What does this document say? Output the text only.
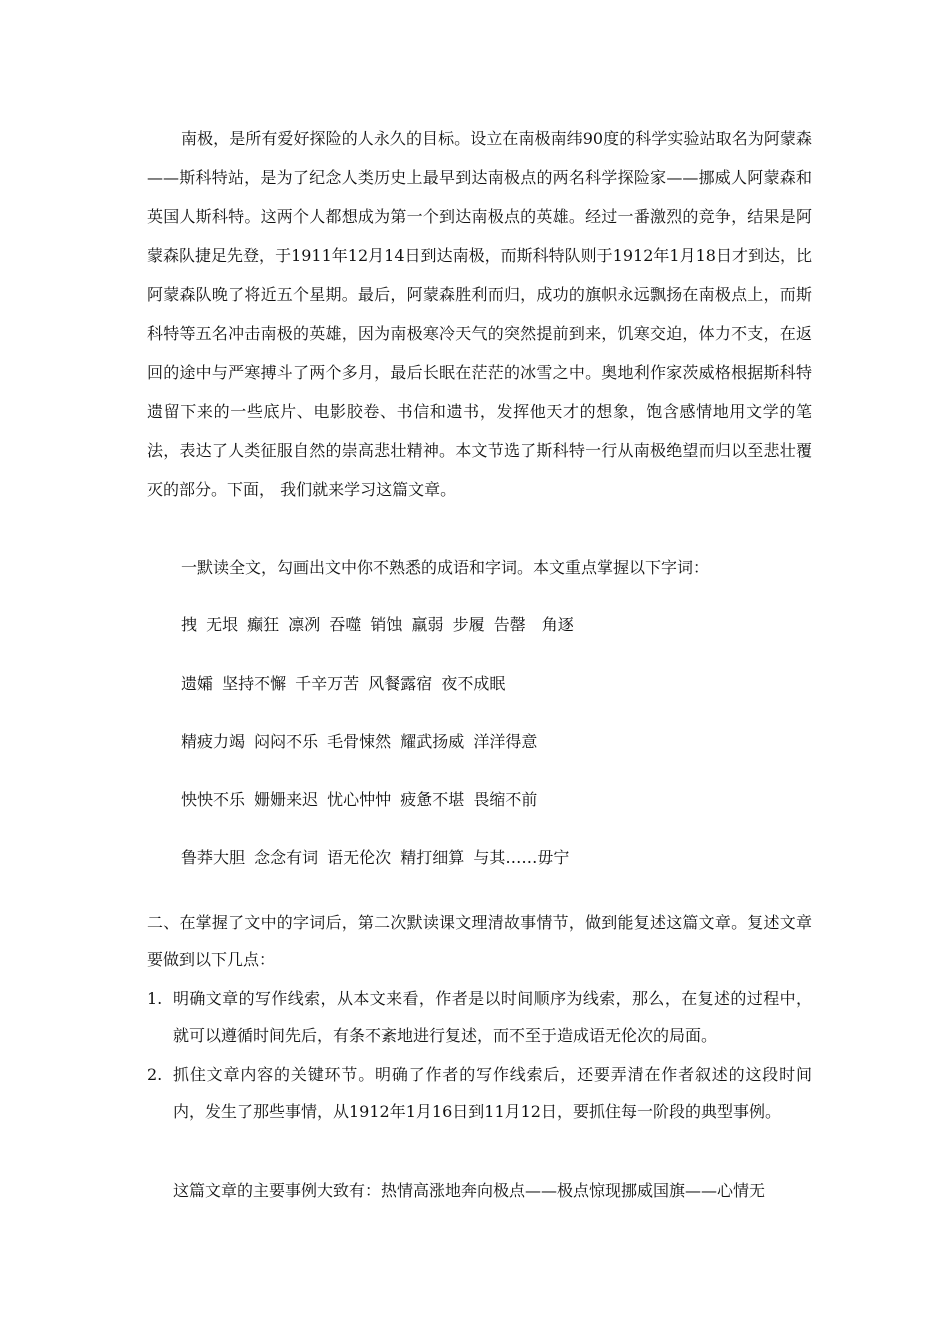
南极，是所有爱好探险的人永久的目标。设立在南极南纬90度的科学实验站取名为阿蒙森——斯科特站，是为了纪念人类历史上最早到达南极点的两名科学探险家——挪威人阿蒙森和英国人斯科特。这两个人都想成为第一个到达南极点的英雄。经过一番激烈的竞争，结果是阿蒙森队捷足先登，于1911年12月14日到达南极，而斯科特队则于1912年1月18日才到达，比阿蒙森队晚了将近五个星期。最后，阿蒙森胜利而归，成功的旗帜永远飘扬在南极点上，而斯科特等五名冲击南极的英雄，因为南极寒冷天气的突然提前到来，饥寒交迫，体力不支，在返回的途中与严寒搏斗了两个多月，最后长眠在茫茫的冰雪之中。奥地利作家茨威格根据斯科特遗留下来的一些底片、电影胶卷、书信和遗书，发挥他天才的想象，饱含感情地用文学的笔法，表达了人类征服自然的崇高悲壮精神。本文节选了斯科特一行从南极绝望而归以至悲壮覆灭的部分。下面， 我们就来学习这篇文章。

一默读全文，勾画出文中你不熟悉的成语和字词。本文重点掌握以下字词：

拽 无垠 癫狂 凛冽 吞噬 销蚀 羸弱 步履 告罄　角逐

遗孀 坚持不懈 千辛万苦 风餐露宿 夜不成眠

精疲力竭 闷闷不乐 毛骨悚然 耀武扬威 洋洋得意

怏怏不乐 姗姗来迟 忧心忡忡 疲惫不堪 畏缩不前

鲁莽大胆 念念有词 语无伦次 精打细算 与其……毋宁

二、在掌握了文中的字词后，第二次默读课文理清故事情节，做到能复述这篇文章。复述文章要做到以下几点：

1. 明确文章的写作线索，从本文来看，作者是以时间顺序为线索，那么，在复述的过程中，就可以遵循时间先后，有条不紊地进行复述，而不至于造成语无伦次的局面。

2. 抓住文章内容的关键环节。明确了作者的写作线索后，还要弄清在作者叙述的这段时间内，发生了那些事情，从1912年1月16日到11月12日，要抓住每一阶段的典型事例。

这篇文章的主要事例大致有：热情高涨地奔向极点——极点惊现挪威国旗——心情无
